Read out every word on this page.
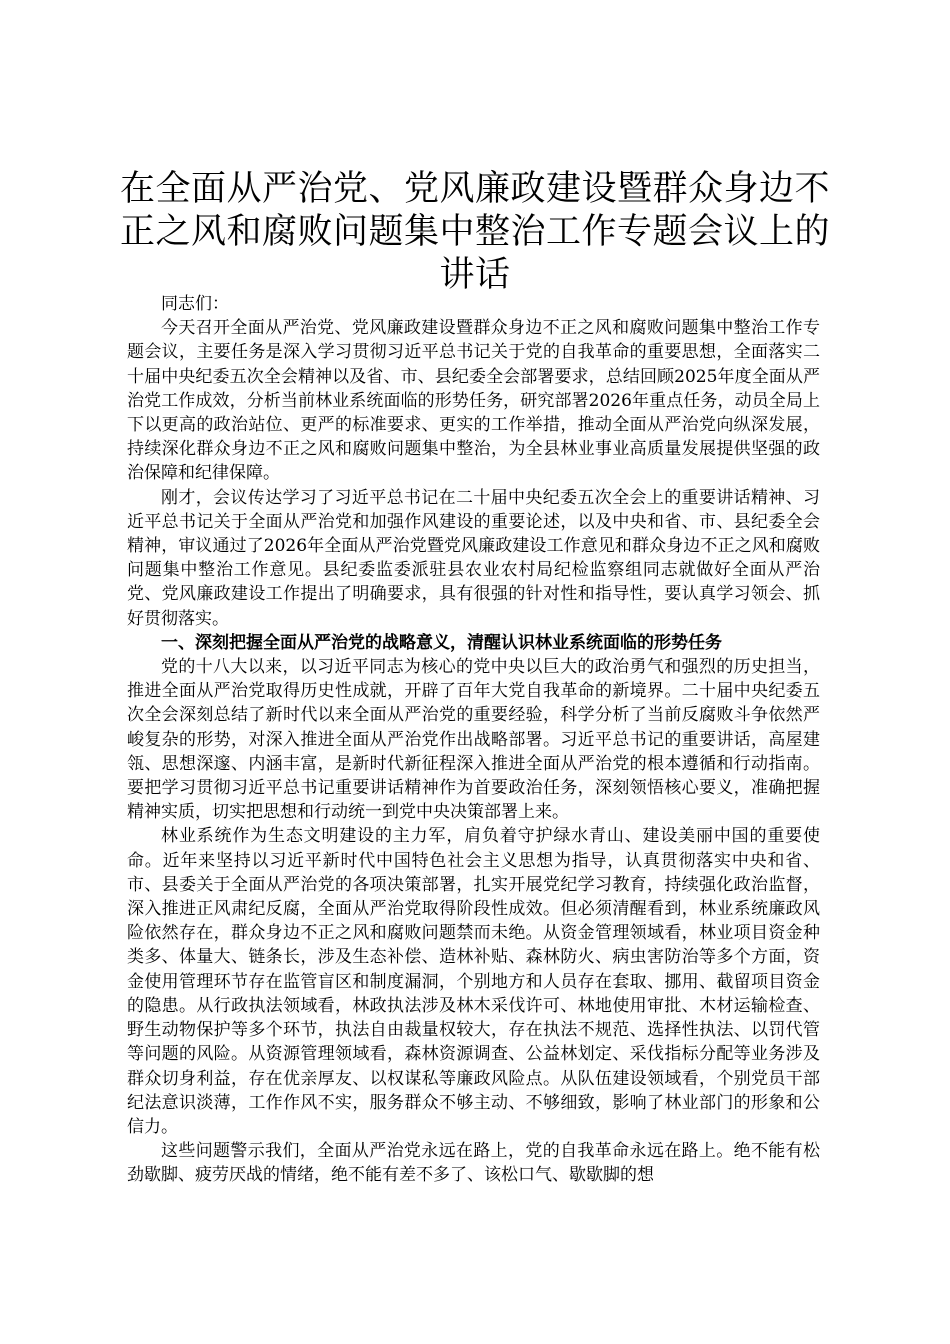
在全面从严治党、党风廉政建设暨群众身边不正之风和腐败问题集中整治工作专题会议上的讲话

同志们：

今天召开全面从严治党、党风廉政建设暨群众身边不正之风和腐败问题集中整治工作专题会议，主要任务是深入学习贯彻习近平总书记关于党的自我革命的重要思想，全面落实二十届中央纪委五次全会精神以及省、市、县纪委全会部署要求，总结回顾2025年度全面从严治党工作成效，分析当前林业系统面临的形势任务，研究部署2026年重点任务，动员全局上下以更高的政治站位、更严的标准要求、更实的工作举措，推动全面从严治党向纵深发展，持续深化群众身边不正之风和腐败问题集中整治，为全县林业事业高质量发展提供坚强的政治保障和纪律保障。

刚才，会议传达学习了习近平总书记在二十届中央纪委五次全会上的重要讲话精神、习近平总书记关于全面从严治党和加强作风建设的重要论述，以及中央和省、市、县纪委全会精神，审议通过了2026年全面从严治党暨党风廉政建设工作意见和群众身边不正之风和腐败问题集中整治工作意见。县纪委监委派驻县农业农村局纪检监察组同志就做好全面从严治党、党风廉政建设工作提出了明确要求，具有很强的针对性和指导性，要认真学习领会、抓好贯彻落实。

一、深刻把握全面从严治党的战略意义，清醒认识林业系统面临的形势任务

党的十八大以来，以习近平同志为核心的党中央以巨大的政治勇气和强烈的历史担当，推进全面从严治党取得历史性成就，开辟了百年大党自我革命的新境界。二十届中央纪委五次全会深刻总结了新时代以来全面从严治党的重要经验，科学分析了当前反腐败斗争依然严峻复杂的形势，对深入推进全面从严治党作出战略部署。习近平总书记的重要讲话，高屋建瓴、思想深邃、内涵丰富，是新时代新征程深入推进全面从严治党的根本遵循和行动指南。要把学习贯彻习近平总书记重要讲话精神作为首要政治任务，深刻领悟核心要义，准确把握精神实质，切实把思想和行动统一到党中央决策部署上来。

林业系统作为生态文明建设的主力军，肩负着守护绿水青山、建设美丽中国的重要使命。近年来坚持以习近平新时代中国特色社会主义思想为指导，认真贯彻落实中央和省、市、县委关于全面从严治党的各项决策部署，扎实开展党纪学习教育，持续强化政治监督，深入推进正风肃纪反腐，全面从严治党取得阶段性成效。但必须清醒看到，林业系统廉政风险依然存在，群众身边不正之风和腐败问题禁而未绝。从资金管理领域看，林业项目资金种类多、体量大、链条长，涉及生态补偿、造林补贴、森林防火、病虫害防治等多个方面，资金使用管理环节存在监管盲区和制度漏洞，个别地方和人员存在套取、挪用、截留项目资金的隐患。从行政执法领域看，林政执法涉及林木采伐许可、林地使用审批、木材运输检查、野生动物保护等多个环节，执法自由裁量权较大，存在执法不规范、选择性执法、以罚代管等问题的风险。从资源管理领域看，森林资源调查、公益林划定、采伐指标分配等业务涉及群众切身利益，存在优亲厚友、以权谋私等廉政风险点。从队伍建设领域看，个别党员干部纪法意识淡薄，工作作风不实，服务群众不够主动、不够细致，影响了林业部门的形象和公信力。

这些问题警示我们，全面从严治党永远在路上，党的自我革命永远在路上。绝不能有松劲歇脚、疲劳厌战的情绪，绝不能有差不多了、该松口气、歇歇脚的想
